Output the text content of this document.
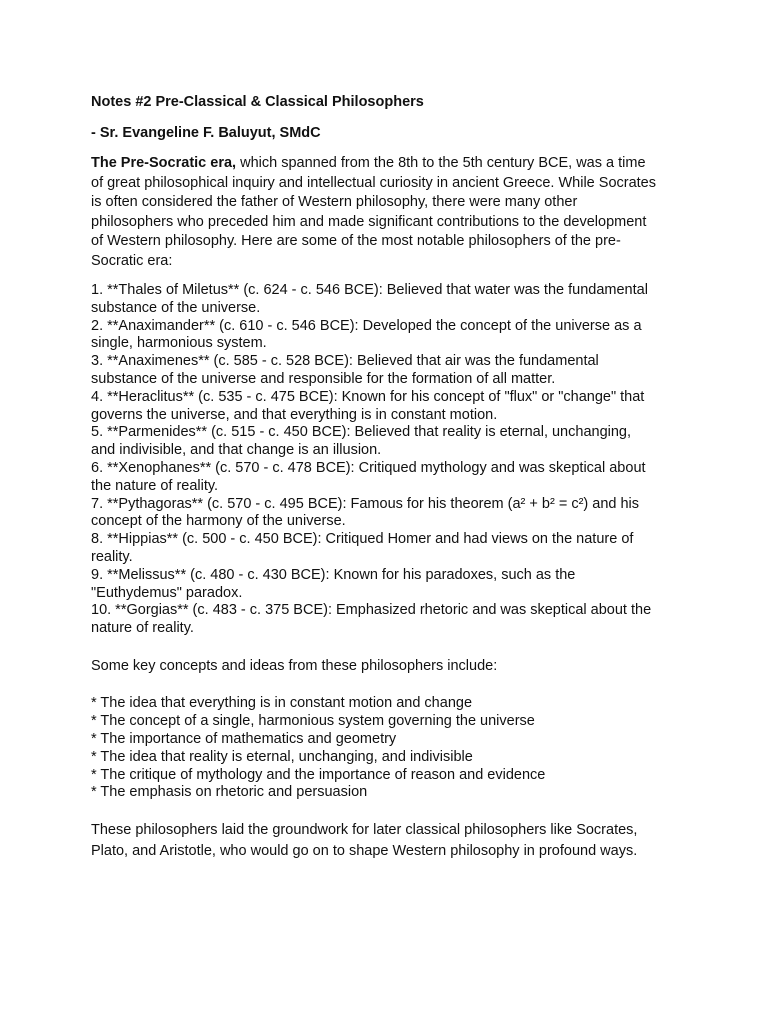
Notes #2 Pre-Classical & Classical Philosophers

- Sr. Evangeline F. Baluyut, SMdC

The Pre-Socratic era, which spanned from the 8th to the 5th century BCE, was a time
of great philosophical inquiry and intellectual curiosity in ancient Greece. While Socrates
is often considered the father of Western philosophy, there were many other
philosophers who preceded him and made significant contributions to the development
of Western philosophy. Here are some of the most notable philosophers of the pre-
Socratic era:

1. **Thales of Miletus** (c. 624 - c. 546 BCE): Believed that water was the fundamental
substance of the universe.
2. **Anaximander** (c. 610 - c. 546 BCE): Developed the concept of the universe as a
single, harmonious system.
3. **Anaximenes** (c. 585 - c. 528 BCE): Believed that air was the fundamental
substance of the universe and responsible for the formation of all matter.
4. **Heraclitus** (c. 535 - c. 475 BCE): Known for his concept of "flux" or "change" that
governs the universe, and that everything is in constant motion.
5. **Parmenides** (c. 515 - c. 450 BCE): Believed that reality is eternal, unchanging,
and indivisible, and that change is an illusion.
6. **Xenophanes** (c. 570 - c. 478 BCE): Critiqued mythology and was skeptical about
the nature of reality.
7. **Pythagoras** (c. 570 - c. 495 BCE): Famous for his theorem (a² + b² = c²) and his
concept of the harmony of the universe.
8. **Hippias** (c. 500 - c. 450 BCE): Critiqued Homer and had views on the nature of
reality.
9. **Melissus** (c. 480 - c. 430 BCE): Known for his paradoxes, such as the
"Euthydemus" paradox.
10. **Gorgias** (c. 483 - c. 375 BCE): Emphasized rhetoric and was skeptical about the
nature of reality.

Some key concepts and ideas from these philosophers include:

* The idea that everything is in constant motion and change
* The concept of a single, harmonious system governing the universe
* The importance of mathematics and geometry
* The idea that reality is eternal, unchanging, and indivisible
* The critique of mythology and the importance of reason and evidence
* The emphasis on rhetoric and persuasion

These philosophers laid the groundwork for later classical philosophers like Socrates,
Plato, and Aristotle, who would go on to shape Western philosophy in profound ways.
